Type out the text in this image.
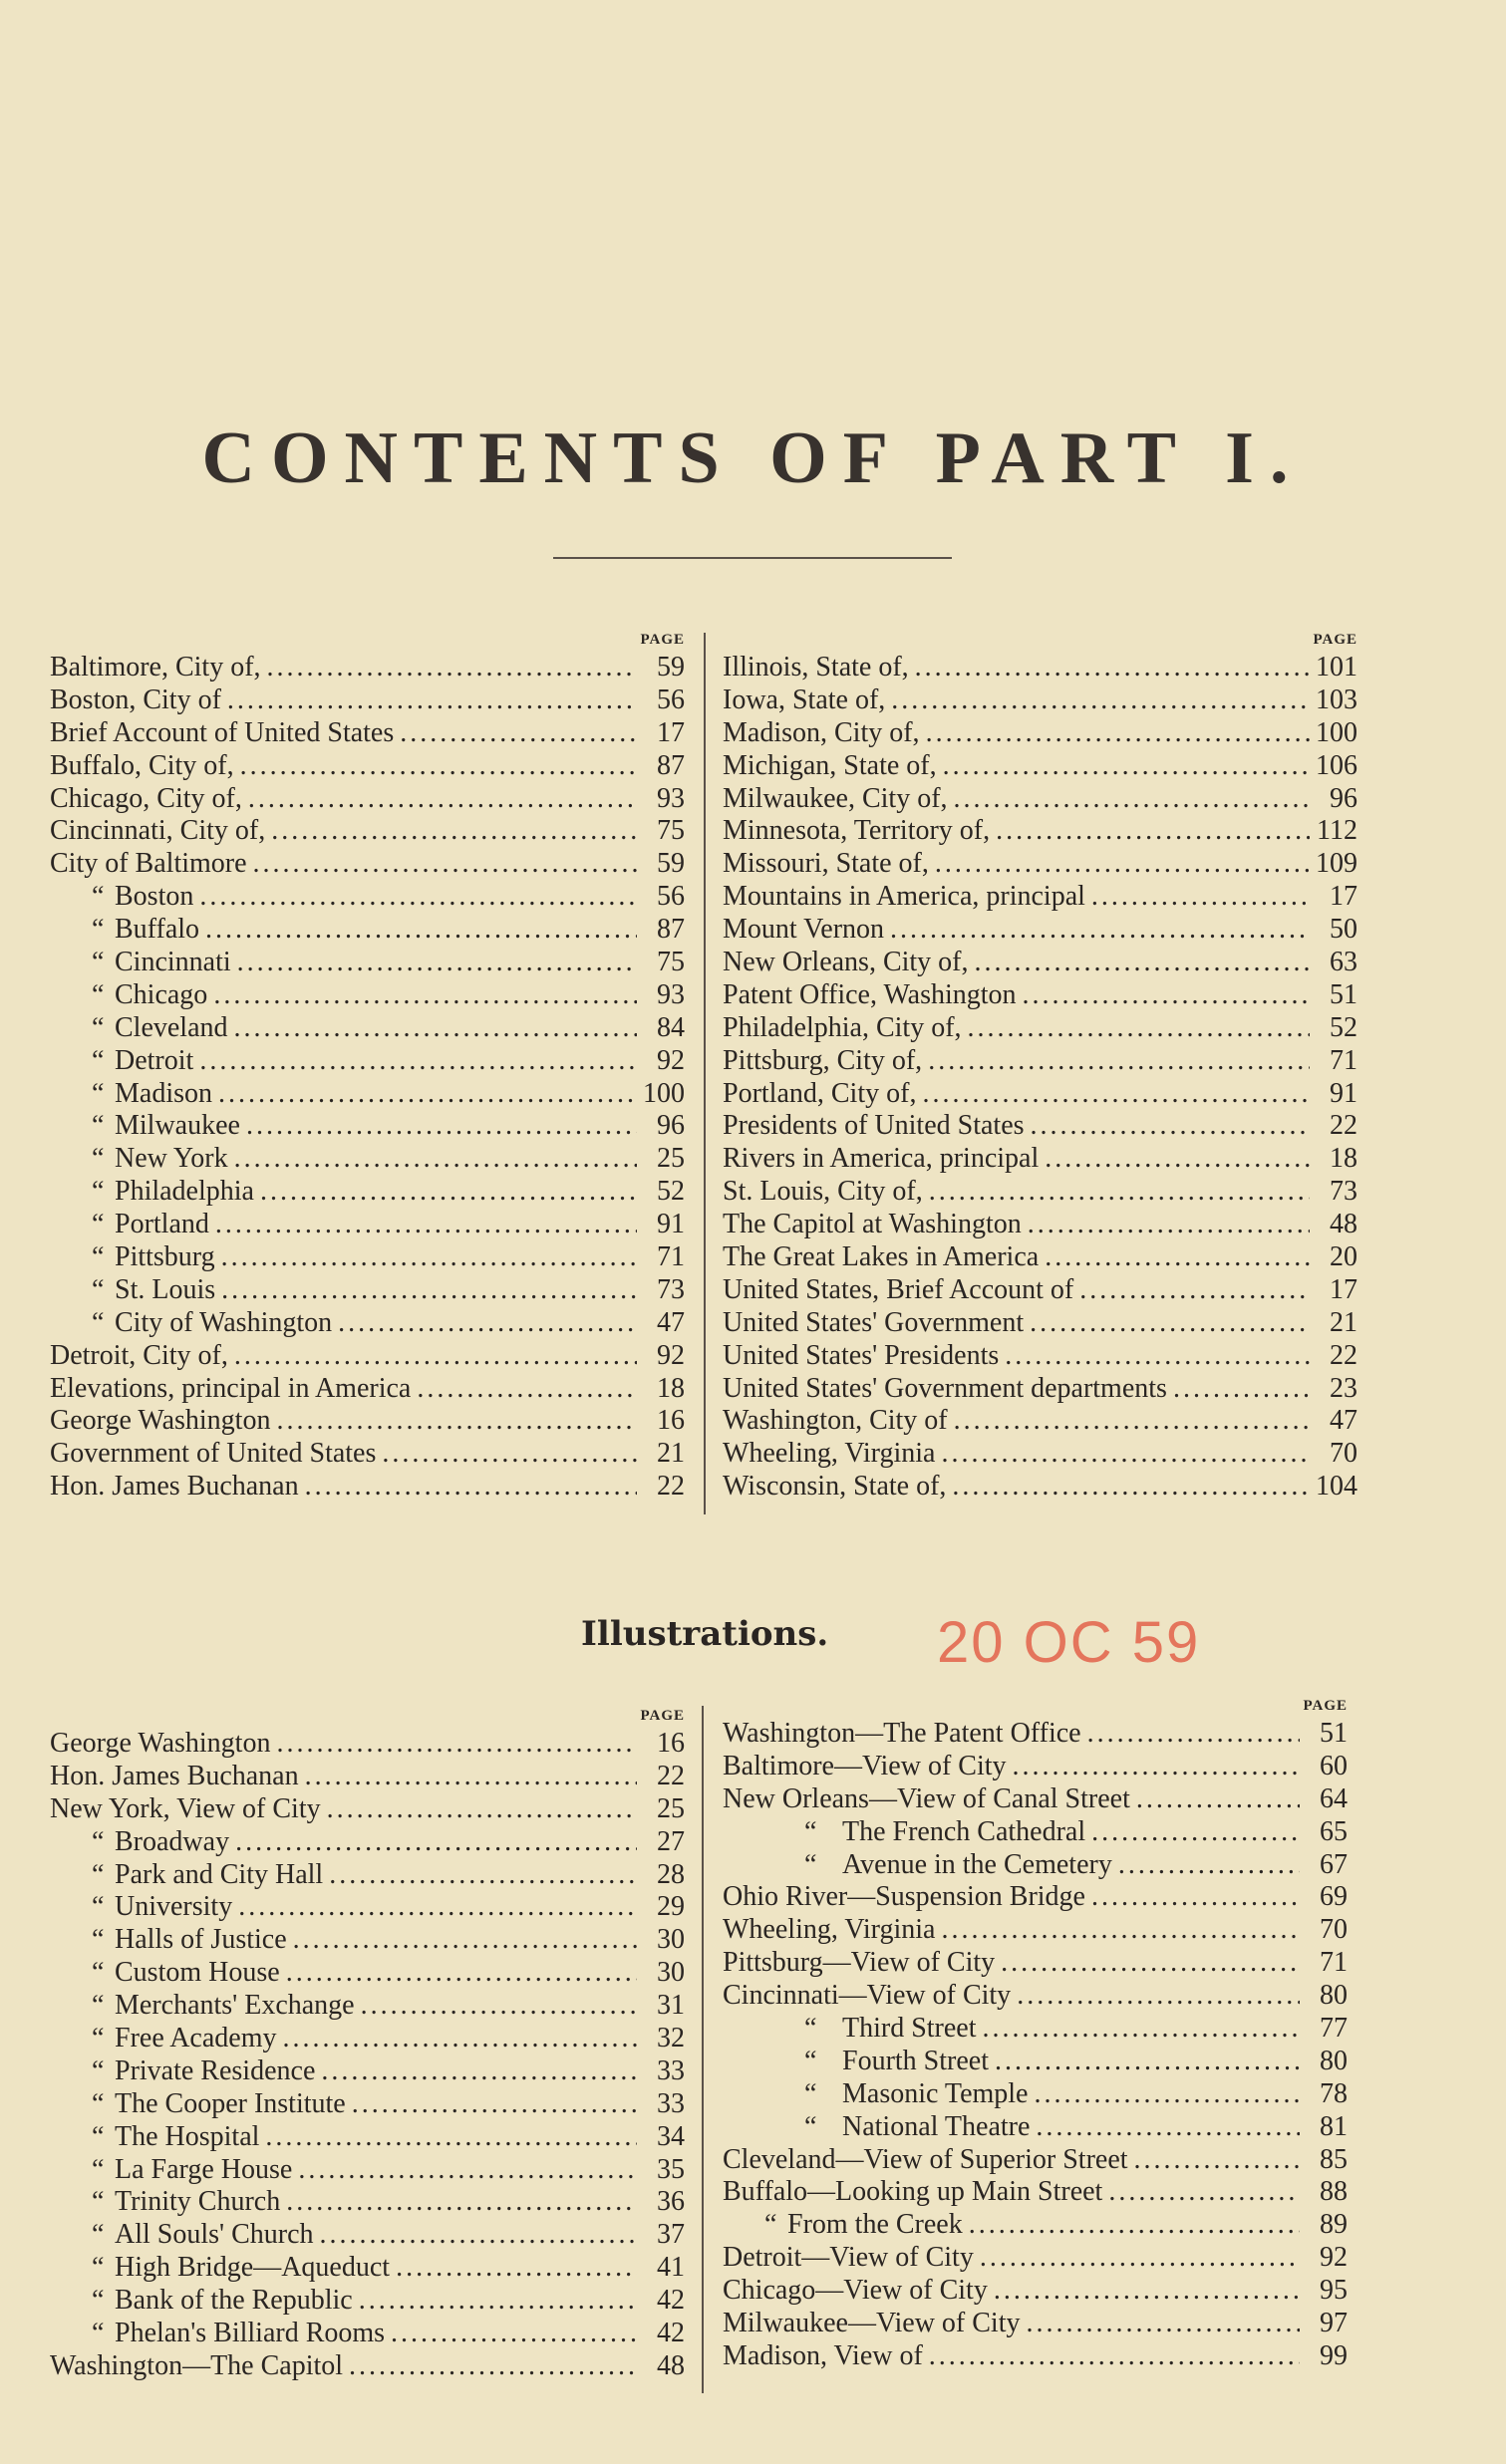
CONTENTS OF PART I.
PAGE
Baltimore, City of, . . .	59
Boston, City of . . .	56
Brief Account of United States . . .	17
Buffalo, City of, . . .	87
Chicago, City of, . . .	93
Cincinnati, City of, . . .	75
City of Baltimore . . .	59
“ Boston . . .	56
“ Buffalo . . .	87
“ Cincinnati . . .	75
“ Chicago . . .	93
“ Cleveland . . .	84
“ Detroit . . .	92
“ Madison . . .	100
“ Milwaukee . . .	96
“ New York . . .	25
“ Philadelphia . . .	52
“ Portland . . .	91
“ Pittsburg . . .	71
“ St. Louis . . .	73
“ City of Washington . . .	47
Detroit, City of, . . .	92
Elevations, principal in America . . .	18
George Washington . . .	16
Government of United States . . .	21
Hon. James Buchanan . . .	22
PAGE
Illinois, State of, . . .	101
Iowa, State of, . . .	103
Madison, City of, . . .	100
Michigan, State of, . . .	106
Milwaukee, City of, . . .	96
Minnesota, Territory of, . . .	112
Missouri, State of, . . .	109
Mountains in America, principal . . .	17
Mount Vernon . . .	50
New Orleans, City of, . . .	63
Patent Office, Washington . . .	51
Philadelphia, City of, . . .	52
Pittsburg, City of, . . .	71
Portland, City of, . . .	91
Presidents of United States . . .	22
Rivers in America, principal . . .	18
St. Louis, City of, . . .	73
The Capitol at Washington . . .	48
The Great Lakes in America . . .	20
United States, Brief Account of . . .	17
United States' Government . . .	21
United States' Presidents . . .	22
United States' Government departments . . .	23
Washington, City of . . .	47
Wheeling, Virginia . . .	70
Wisconsin, State of, . . .	104
Illustrations. 20 OC 59
PAGE
George Washington . . .	16
Hon. James Buchanan . . .	22
New York, View of City . . .	25
“ Broadway . . .	27
“ Park and City Hall . . .	28
“ University . . .	29
“ Halls of Justice . . .	30
“ Custom House . . .	30
“ Merchants' Exchange . . .	31
“ Free Academy . . .	32
“ Private Residence . . .	33
“ The Cooper Institute . . .	33
“ The Hospital . . .	34
“ La Farge House . . .	35
“ Trinity Church . . .	36
“ All Souls' Church . . .	37
“ High Bridge—Aqueduct . . .	41
“ Bank of the Republic . . .	42
“ Phelan's Billiard Rooms . . .	42
Washington—The Capitol . . .	48
PAGE
Washington—The Patent Office . . .	51
Baltimore—View of City . . .	60
New Orleans—View of Canal Street . . .	64
“ The French Cathedral . . .	65
“ Avenue in the Cemetery . . .	67
Ohio River—Suspension Bridge . . .	69
Wheeling, Virginia . . .	70
Pittsburg—View of City . . .	71
Cincinnati—View of City . . .	80
“ Third Street . . .	77
“ Fourth Street . . .	80
“ Masonic Temple . . .	78
“ National Theatre . . .	81
Cleveland—View of Superior Street . . .	85
Buffalo—Looking up Main Street . . .	88
“ From the Creek . . .	89
Detroit—View of City . . .	92
Chicago—View of City . . .	95
Milwaukee—View of City . . .	97
Madison, View of . . .	99
